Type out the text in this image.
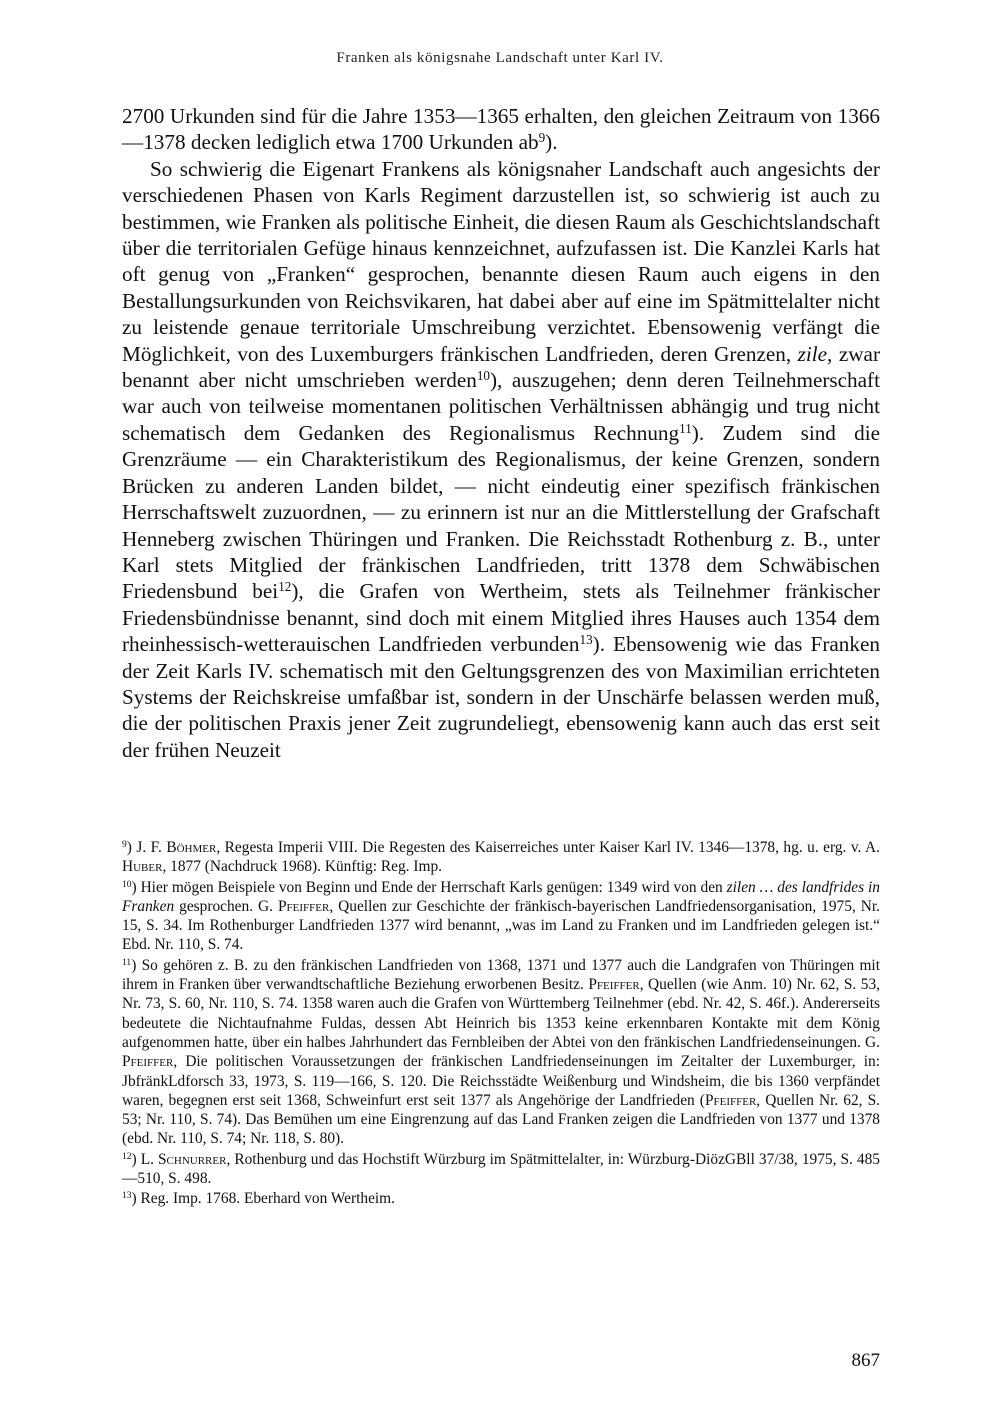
Franken als königsnahe Landschaft unter Karl IV.

2700 Urkunden sind für die Jahre 1353—1365 erhalten, den gleichen Zeitraum von 1366—1378 decken lediglich etwa 1700 Urkunden $ab^9$).

So schwierig die Eigenart Frankens als königsnaher Landschaft auch angesichts der verschiedenen Phasen von Karls Regiment darzustellen ist, so schwierig ist auch zu bestimmen, wie Franken als politische Einheit, die diesen Raum als Geschichtslandschaft über die territorialen Gefüge hinaus kennzeichnet, aufzufassen ist. Die Kanzlei Karls hat oft genug von „Franken“ gesprochen, benannte diesen Raum auch eigens in den Bestallungsurkunden von Reichsvikaren, hat dabei aber auf eine im Spätmittelalter nicht zu leistende genaue territoriale Umschreibung verzichtet. Ebensowenig verfängt die Möglichkeit, von des Luxemburgers fränkischen Landfrieden, deren Grenzen, zile, zwar benannt aber nicht umschrieben werden$^{10}$), auszugehen; denn deren Teilnehmerschaft war auch von teilweise momentanen politischen Verhältnissen abhängig und trug nicht schematisch dem Gedanken des Regionalismus Rechnung$^{11}$). Zudem sind die Grenzräume — ein Charakteristikum des Regionalismus, der keine Grenzen, sondern Brücken zu anderen Landen bildet, — nicht eindeutig einer spezifisch fränkischen Herrschaftswelt zuzuordnen, — zu erinnern ist nur an die Mittlerstellung der Grafschaft Henneberg zwischen Thüringen und Franken. Die Reichsstadt Rothenburg z. B., unter Karl stets Mitglied der fränkischen Landfrieden, tritt 1378 dem Schwäbischen Friedensbund bei$^{12}$), die Grafen von Wertheim, stets als Teilnehmer fränkischer Friedensbündnisse benannt, sind doch mit einem Mitglied ihres Hauses auch 1354 dem rheinhessisch-wetterauischen Landfrieden verbunden$^{13}$). Ebensowenig wie das Franken der Zeit Karls IV. schematisch mit den Geltungsgrenzen des von Maximilian errichteten Systems der Reichskreise umfaßbar ist, sondern in der Unschärfe belassen werden muß, die der politischen Praxis jener Zeit zugrundeliegt, ebensowenig kann auch das erst seit der frühen Neuzeit

$^9$) J. F. Böhmer, Regesta Imperii VIII. Die Regesten des Kaiserreiches unter Kaiser Karl IV. 1346—1378, hg. u. erg. v. A. Huber, 1877 (Nachdruck 1968). Künftig: Reg. Imp.

$^{10}$) Hier mögen Beispiele von Beginn und Ende der Herrschaft Karls genügen: 1349 wird von den zilen … des landfrides in Franken gesprochen. G. Pfeiffer, Quellen zur Geschichte der fränkisch-bayerischen Landfriedensorganisation, 1975, Nr. 15, S. 34. Im Rothenburger Landfrieden 1377 wird benannt, „was im Land zu Franken und im Landfrieden gelegen ist.“ Ebd. Nr. 110, S. 74.

$^{11}$) So gehören z. B. zu den fränkischen Landfrieden von 1368, 1371 und 1377 auch die Landgrafen von Thüringen mit ihrem in Franken über verwandtschaftliche Beziehung erworbenen Besitz. Pfeiffer, Quellen (wie Anm. 10) Nr. 62, S. 53, Nr. 73, S. 60, Nr. 110, S. 74. 1358 waren auch die Grafen von Württemberg Teilnehmer (ebd. Nr. 42, S. 46f.). Andererseits bedeutete die Nichtaufnahme Fuldas, dessen Abt Heinrich bis 1353 keine erkennbaren Kontakte mit dem König aufgenommen hatte, über ein halbes Jahrhundert das Fernbleiben der Abtei von den fränkischen Landfriedenseinungen. G. Pfeiffer, Die politischen Voraussetzungen der fränkischen Landfriedenseinungen im Zeitalter der Luxemburger, in: JbfränkLdforsch 33, 1973, S. 119—166, S. 120. Die Reichsstädte Weißenburg und Windsheim, die bis 1360 verpfändet waren, begegnen erst seit 1368, Schweinfurt erst seit 1377 als Angehörige der Landfrieden (Pfeiffer, Quellen Nr. 62, S. 53; Nr. 110, S. 74). Das Bemühen um eine Eingrenzung auf das Land Franken zeigen die Landfrieden von 1377 und 1378 (ebd. Nr. 110, S. 74; Nr. 118, S. 80).

$^{12}$) L. Schnurrer, Rothenburg und das Hochstift Würzburg im Spätmittelalter, in: Würzburg-DiözGBll 37/38, 1975, S. 485—510, S. 498.

$^{13}$) Reg. Imp. 1768. Eberhard von Wertheim.

867
